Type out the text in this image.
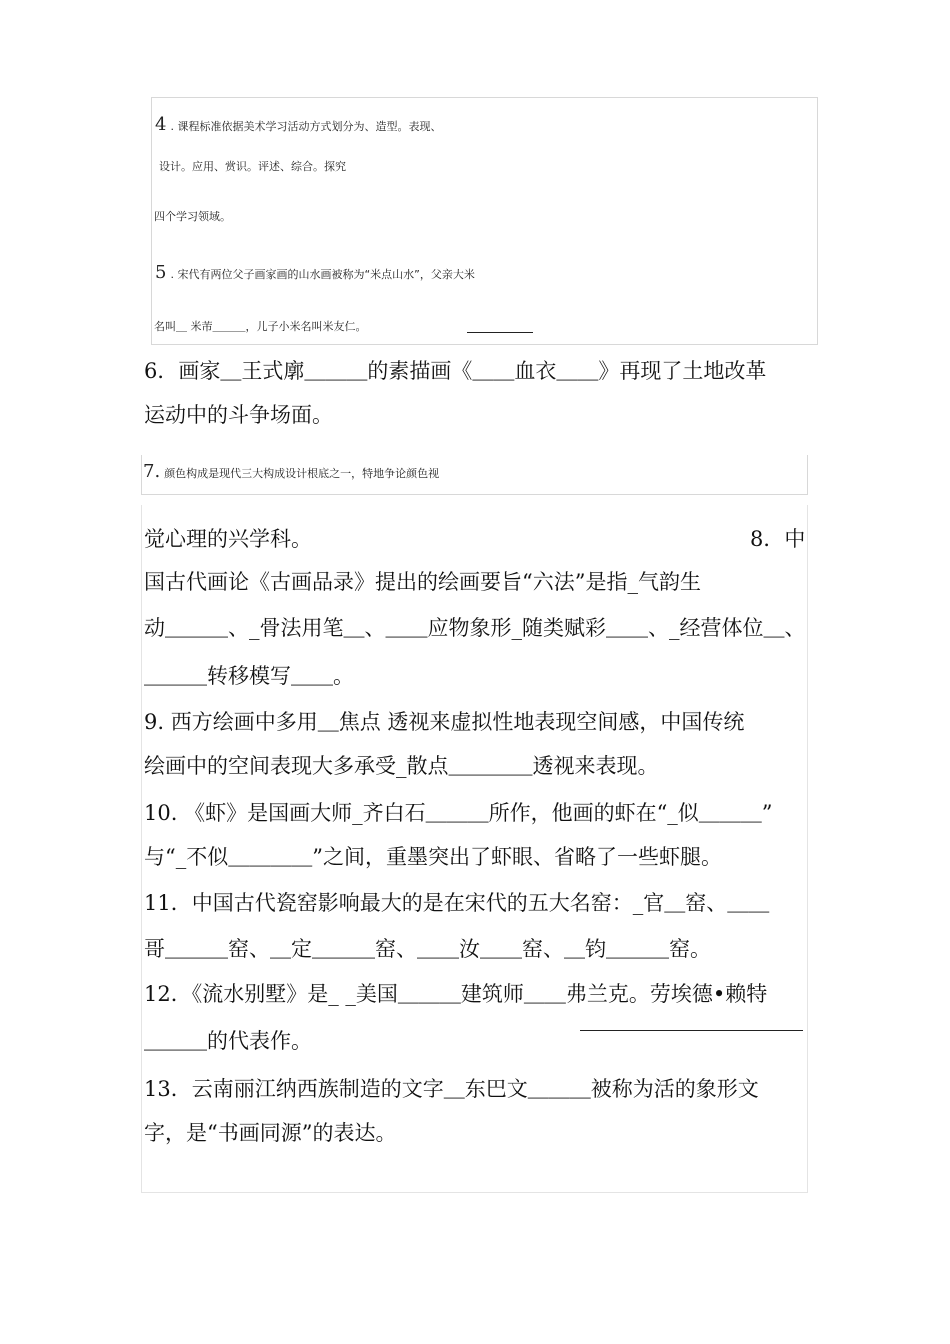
4 . 课程标准依据美术学习活动方式划分为、造型。表现、
设计。应用、赏识。评述、综合。探究
四个学习领域。
5 . 宋代有两位父子画家画的山水画被称为“米点山水”，父亲大米
名叫＿ 米芾＿＿＿，儿子小米名叫米友仁。
6．画家＿王式廓＿＿＿的素描画《＿＿血衣＿＿》再现了土地改革
运动中的斗争场面。
7. 颜色构成是现代三大构成设计根底之一，特地争论颜色视
觉心理的兴学科。	8．中
国古代画论《古画品录》提出的绘画要旨“六法”是指_气韵生
动＿＿＿、_骨法用笔＿、＿＿应物象形_随类赋彩＿＿、_经营体位＿、
＿＿＿转移模写＿＿。
9. 西方绘画中多用＿焦点 透视来虚拟性地表现空间感，中国传统
绘画中的空间表现大多承受_散点＿＿＿＿透视来表现。
10. 《虾》是国画大师_齐白石＿＿＿所作，他画的虾在“_似＿＿＿”
与“_不似＿＿＿＿”之间，重墨突出了虾眼、省略了一些虾腿。
11．中国古代瓷窑影响最大的是在宋代的五大名窑：_官＿窑、＿＿
哥＿＿＿窑、＿定＿＿＿窑、＿＿汝＿＿窑、＿钧＿＿＿窑。
12．《流水别墅》是_ _美国＿＿＿建筑师＿＿弗兰克。劳埃德•赖特
＿＿＿的代表作。
13．云南丽江纳西族制造的文字＿东巴文＿＿＿被称为活的象形文
字，是“书画同源”的表达。
